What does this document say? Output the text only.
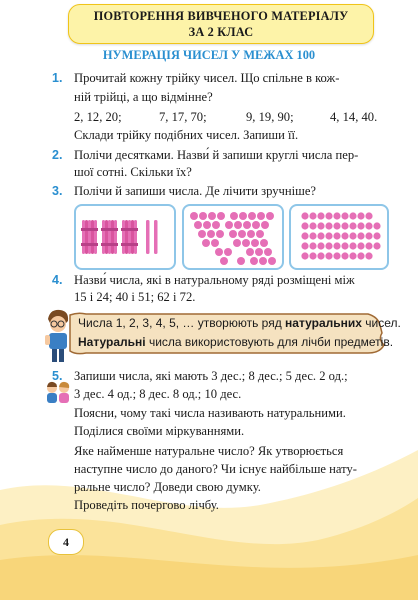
ПОВТОРЕННЯ ВИВЧЕНОГО МАТЕРІАЛУ
ЗА 2 КЛАС
НУМЕРАЦІЯ ЧИСЕЛ У МЕЖАХ 100
1. Прочитай кожну трійку чисел. Що спільне в кож-
ній трійці, а що відмінне?
2, 12, 20;	7, 17, 70;	9, 19, 90;	4, 14, 40.
Склади трійку подібних чисел. Запиши її.
2. Полічи десятками. Назви́ й запиши круглі числа пер-
шої сотні. Скільки їх?
3. Полічи й запиши числа. Де лічити зручніше?
4. Назви́ числа, які в натуральному ряді розміщені між
15 і 24; 40 і 51; 62 і 72.
Числа 1, 2, 3, 4, 5, … утворюють ряд натуральних чисел.
Натуральні числа використовують для лічби предметів.
5. Запиши числа, які мають 3 дес.; 8 дес.; 5 дес. 2 од.;
3 дес. 4 од.; 8 дес. 8 од.; 10 дес.
Поясни, чому такі числа називають натуральними.
Поділися своїми міркуваннями.
Яке найменше натуральне число? Як утворюється
наступне число до даного? Чи існує найбільше нату-
ральне число? Доведи свою думку.
Проведіть почергово лічбу.
4
